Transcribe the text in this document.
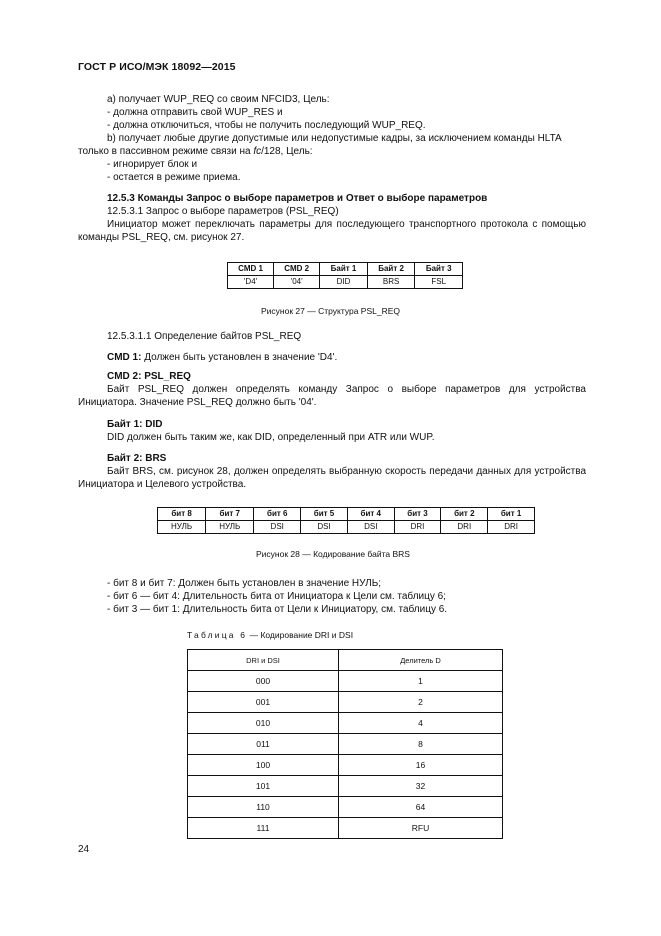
ГОСТ Р ИСО/МЭК 18092—2015
а) получает WUP_REQ со своим NFCID3, Цель:
- должна отправить свой WUP_RES и
- должна отключиться, чтобы не получить последующий WUP_REQ.
b) получает любые другие допустимые или недопустимые кадры, за исключением команды HLTA
только в пассивном режиме связи на fc/128, Цель:
- игнорирует блок и
- остается в режиме приема.
12.5.3 Команды Запрос о выборе параметров и Ответ о выборе параметров
12.5.3.1 Запрос о выборе параметров (PSL_REQ)
Инициатор может переключать параметры для последующего транспортного протокола с помощью команды PSL_REQ, см. рисунок 27.
CMD 1	CMD 2	Байт 1	Байт 2	Байт 3
'D4'	'04'	DID	BRS	FSL
Рисунок 27 — Структура PSL_REQ
12.5.3.1.1 Определение байтов PSL_REQ
CMD 1: Должен быть установлен в значение 'D4'.
CMD 2: PSL_REQ
Байт PSL_REQ должен определять команду Запрос о выборе параметров для устройства Инициатора. Значение PSL_REQ должно быть '04'.
Байт 1: DID
DID должен быть таким же, как DID, определенный при ATR или WUP.
Байт 2: BRS
Байт BRS, см. рисунок 28, должен определять выбранную скорость передачи данных для устройства Инициатора и Целевого устройства.
бит 8	бит 7	бит 6	бит 5	бит 4	бит 3	бит 2	бит 1
НУЛЬ	НУЛЬ	DSI	DSI	DSI	DRI	DRI	DRI
Рисунок 28 — Кодирование байта BRS
- бит 8 и бит 7: Должен быть установлен в значение НУЛЬ;
- бит 6 — бит 4: Длительность бита от Инициатора к Цели см. таблицу 6;
- бит 3 — бит 1: Длительность бита от Цели к Инициатору, см. таблицу 6.
Таблица 6 — Кодирование DRI и DSI
DRI и DSI	Делитель D
000	1
001	2
010	4
011	8
100	16
101	32
110	64
111	RFU
24
